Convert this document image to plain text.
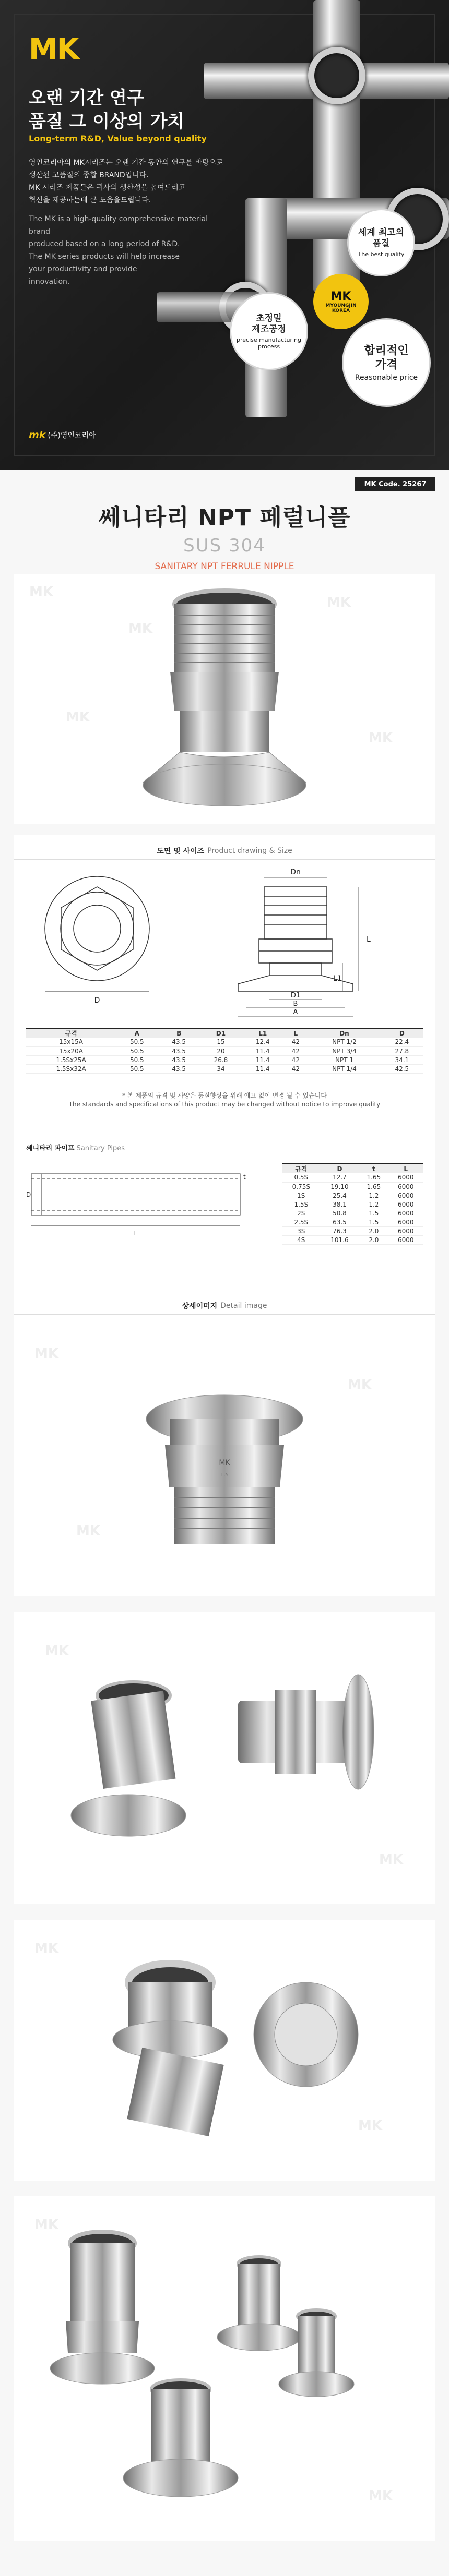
MK
오랜 기간 연구
품질 그 이상의 가치
Long-term R&D, Value beyond quality
영인코리아의 MK시리즈는 오랜 기간 동안의 연구를 바탕으로
생산된 고품질의 종합 BRAND입니다.
MK 시리즈 제품들은 귀사의 생산성을 높여드리고
혁신을 제공하는데 큰 도움을드립니다.
The MK is a high-quality comprehensive material brand
produced based on a long period of R&D.
The MK series products will help increase
your productivity and provide
innovation.
세계 최고의
품질
The best quality
초정밀
제조공정
precise manufacturing
process
MK
MYOUNGJIN
KOREA
합리적인
가격
Reasonable price
mk (주)영인코리아
MK Code. 25267
쎄니타리 NPT 페럴니플
SUS 304
SANITARY NPT FERRULE NIPPLE
MK
MK
MK
MK
MK
도면 및 사이즈 Product drawing & Size
D
Dn
L
L1
D1
B
A
규격	A	B	D1	L1	L	Dn	D
15x15A	50.5	43.5	15	12.4	42	NPT 1/2	22.4
15x20A	50.5	43.5	20	11.4	42	NPT 3/4	27.8
1.5Sx25A	50.5	43.5	26.8	11.4	42	NPT 1	34.1
1.5Sx32A	50.5	43.5	34	11.4	42	NPT 1/4	42.5
* 본 제품의 규격 및 사양은 품질향상을 위해 예고 없이 변경 될 수 있습니다
The standards and specifications of this product may be changed without notice to improve quality
쎄니타리 파이프 Sanitary Pipes
D
t
L
규격	D	t	L
0.5S	12.7	1.65	6000
0.75S	19.10	1.65	6000
1S	25.4	1.2	6000
1.5S	38.1	1.2	6000
2S	50.8	1.5	6000
2.5S	63.5	1.5	6000
3S	76.3	2.0	6000
4S	101.6	2.0	6000
상세이미지 Detail image
MK
MK
MK
MK
1.5
MK
MK
MK
MK
MK
MK
